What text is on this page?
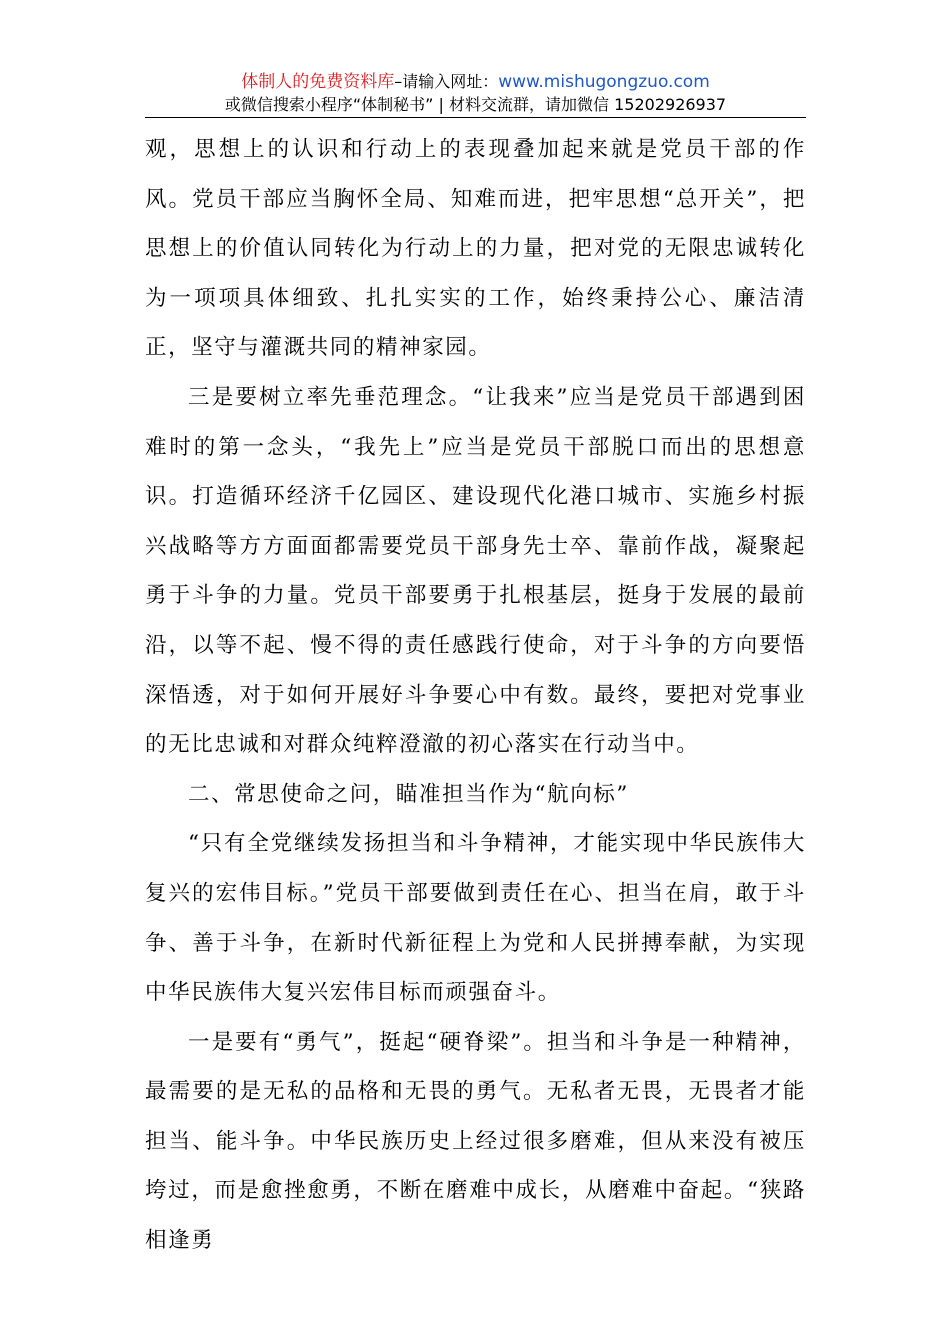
体制人的免费资料库–请输入网址：www.mishugongzuo.com
或微信搜索小程序“体制秘书” | 材料交流群，请加微信 15202926937

观，思想上的认识和行动上的表现叠加起来就是党员干部的作风。党员干部应当胸怀全局、知难而进，把牢思想“总开关”，把思想上的价值认同转化为行动上的力量，把对党的无限忠诚转化为一项项具体细致、扎扎实实的工作，始终秉持公心、廉洁清正，坚守与灌溉共同的精神家园。

三是要树立率先垂范理念。“让我来”应当是党员干部遇到困难时的第一念头，“我先上”应当是党员干部脱口而出的思想意识。打造循环经济千亿园区、建设现代化港口城市、实施乡村振兴战略等方方面面都需要党员干部身先士卒、靠前作战，凝聚起勇于斗争的力量。党员干部要勇于扎根基层，挺身于发展的最前沿，以等不起、慢不得的责任感践行使命，对于斗争的方向要悟深悟透，对于如何开展好斗争要心中有数。最终，要把对党事业的无比忠诚和对群众纯粹澄澈的初心落实在行动当中。

二、常思使命之问，瞄准担当作为“航向标”

“只有全党继续发扬担当和斗争精神，才能实现中华民族伟大复兴的宏伟目标。”党员干部要做到责任在心、担当在肩，敢于斗争、善于斗争，在新时代新征程上为党和人民拼搏奉献，为实现中华民族伟大复兴宏伟目标而顽强奋斗。

一是要有“勇气”，挺起“硬脊梁”。担当和斗争是一种精神，最需要的是无私的品格和无畏的勇气。无私者无畏，无畏者才能担当、能斗争。中华民族历史上经过很多磨难，但从来没有被压垮过，而是愈挫愈勇，不断在磨难中成长，从磨难中奋起。“狭路相逢勇
